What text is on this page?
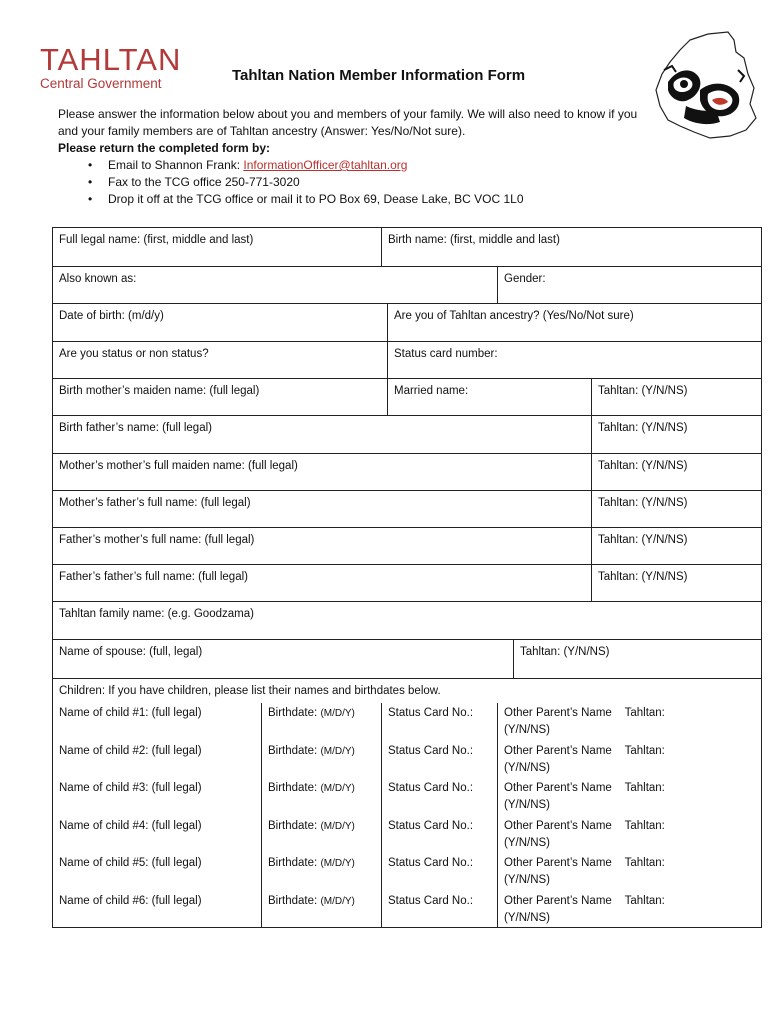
TAHLTAN
Central Government	Tahltan Nation Member Information Form
Please answer the information below about you and members of your family. We will also need to know if you and your family members are of Tahltan ancestry (Answer: Yes/No/Not sure).
Please return the completed form by:
• Email to Shannon Frank: InformationOfficer@tahltan.org
• Fax to the TCG office 250-771-3020
• Drop it off at the TCG office or mail it to PO Box 69, Dease Lake, BC VOC 1L0
Full legal name: (first, middle and last)	Birth name: (first, middle and last)
Also known as:	Gender:
Date of birth: (m/d/y)	Are you of Tahltan ancestry? (Yes/No/Not sure)
Are you status or non status?	Status card number:
Birth mother’s maiden name: (full legal)	Married name:	Tahltan: (Y/N/NS)
Birth father’s name: (full legal)	Tahltan: (Y/N/NS)
Mother’s mother’s full maiden name: (full legal)	Tahltan: (Y/N/NS)
Mother’s father’s full name: (full legal)	Tahltan: (Y/N/NS)
Father’s mother’s full name: (full legal)	Tahltan: (Y/N/NS)
Father’s father’s full name: (full legal)	Tahltan: (Y/N/NS)
Tahltan family name: (e.g. Goodzama)
Name of spouse: (full, legal)	Tahltan: (Y/N/NS)
Children: If you have children, please list their names and birthdates below.
Name of child #1: (full legal)	Birthdate: (M/D/Y)	Status Card No.:	Other Parent’s Name Tahltan:
(Y/N/NS)
Name of child #2: (full legal)	Birthdate: (M/D/Y)	Status Card No.:	Other Parent’s Name Tahltan:
(Y/N/NS)
Name of child #3: (full legal)	Birthdate: (M/D/Y)	Status Card No.:	Other Parent’s Name Tahltan:
(Y/N/NS)
Name of child #4: (full legal)	Birthdate: (M/D/Y)	Status Card No.:	Other Parent’s Name Tahltan:
(Y/N/NS)
Name of child #5: (full legal)	Birthdate: (M/D/Y)	Status Card No.:	Other Parent’s Name Tahltan:
(Y/N/NS)
Name of child #6: (full legal)	Birthdate: (M/D/Y)	Status Card No.:	Other Parent’s Name Tahltan:
(Y/N/NS)
